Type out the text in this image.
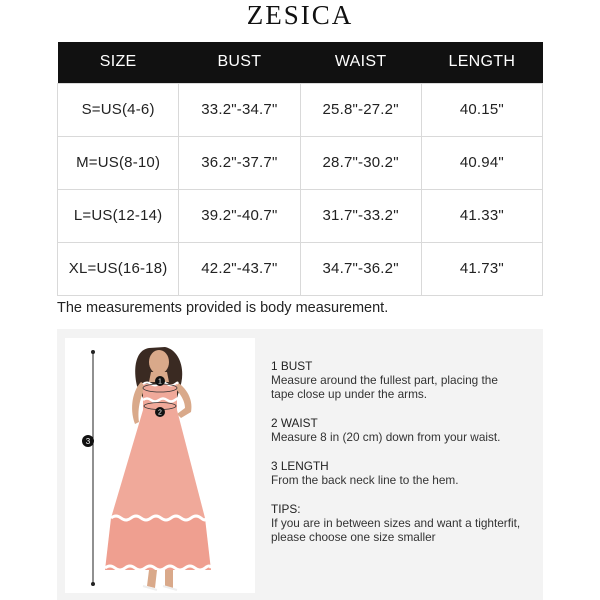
ZESICA
SIZE	BUST	WAIST	LENGTH
S=US(4-6)	33.2"-34.7"	25.8"-27.2"	40.15"
M=US(8-10)	36.2"-37.7"	28.7"-30.2"	40.94"
L=US(12-14)	39.2"-40.7"	31.7"-33.2"	41.33"
XL=US(16-18)	42.2"-43.7"	34.7"-36.2"	41.73"
The measurements provided is body measurement.
1
2
3
1 BUST
Measure around the fullest part, placing the tape close up under the arms.
2 WAIST
Measure 8 in (20 cm) down from your waist.
3 LENGTH
From the back neck line to the hem.
TIPS:
If you are in between sizes and want a tighterfit, please choose one size smaller
